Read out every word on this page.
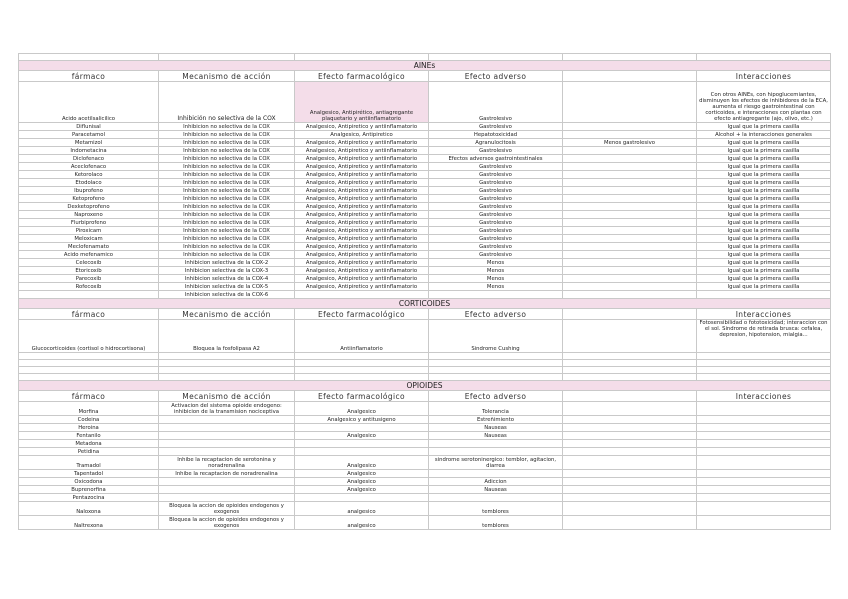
AINEs					
fármaco	Mecanismo de acción	Efecto farmacológico	Efecto adverso		Interacciones
Acido acetilsalicilico	Inhibición no selectiva de la COX	Analgesico, Antipirético, antiagregante plaquetario y antiinflamatorio	Gastrolesivo		Con otros AINEs, con hipoglucemiantes, disminuyen los efectos de inhibidores de la ECA, aumenta el riesgo gastrointestinal con corticoides, e interacciones con plantas con efecto antiagregante (ajo, olivo, etc.)
Diflunisal	Inhibicion no selectiva de la COX	Analgesico, Antipiretico y antiinflamatorio	Gastrolesivo		Igual que la primera casilla
Paracetamol	Inhibicion no selectiva de la COX	Analgesico, Antipiretico	Hepatotoxicidad		Alcohol + la interacciones generales
Metamizol	Inhibicion no selectiva de la COX	Analgesico, Antipiretico y antiinflamatorio	Agranulocitosis	Menos gastrolesivo	Igual que la primera casilla
Indometacina	Inhibicion no selectiva de la COX	Analgesico, Antipiretico y antiinflamatorio	Gastrolesivo		Igual que la primera casilla
Diclofenaco	Inhibicion no selectiva de la COX	Analgesico, Antipiretico y antiinflamatorio	Efectos adversos gastrointestinales		Igual que la primera casilla
Aceclofenaco	Inhibicion no selectiva de la COX	Analgesico, Antipiretico y antiinflamatorio	Gastrolesivo		Igual que la primera casilla
Ketorolaco	Inhibicion no selectiva de la COX	Analgesico, Antipiretico y antiinflamatorio	Gastrolesivo		Igual que la primera casilla
Etodolaco	Inhibicion no selectiva de la COX	Analgesico, Antipiretico y antiinflamatorio	Gastrolesivo		Igual que la primera casilla
Ibuprofeno	Inhibicion no selectiva de la COX	Analgesico, Antipiretico y antiinflamatorio	Gastrolesivo		Igual que la primera casilla
Ketoprofeno	Inhibicion no selectiva de la COX	Analgesico, Antipiretico y antiinflamatorio	Gastrolesivo		Igual que la primera casilla
Dexketoprofeno	Inhibicion no selectiva de la COX	Analgesico, Antipiretico y antiinflamatorio	Gastrolesivo		Igual que la primera casilla
Naproxeno	Inhibicion no selectiva de la COX	Analgesico, Antipiretico y antiinflamatorio	Gastrolesivo		Igual que la primera casilla
Flurbiprofeno	Inhibicion no selectiva de la COX	Analgesico, Antipiretico y antiinflamatorio	Gastrolesivo		Igual que la primera casilla
Piroxicam	Inhibicion no selectiva de la COX	Analgesico, Antipiretico y antiinflamatorio	Gastrolesivo		Igual que la primera casilla
Meloxicam	Inhibicion no selectiva de la COX	Analgesico, Antipiretico y antiinflamatorio	Gastrolesivo		Igual que la primera casilla
Meclofenamato	Inhibicion no selectiva de la COX	Analgesico, Antipiretico y antiinflamatorio	Gastrolesivo		Igual que la primera casilla
Acido mefenamico	Inhibicion no selectiva de la COX	Analgesico, Antipiretico y antiinflamatorio	Gastrolesivo		Igual que la primera casilla
Celecoxib	Inhibicion selectiva de la COX-2	Analgesico, Antipiretico y antiinflamatorio	Menos		Igual que la primera casilla
Etoricoxib	Inhibicion selectiva de la COX-3	Analgesico, Antipiretico y antiinflamatorio	Menos		Igual que la primera casilla
Parecoxib	Inhibicion selectiva de la COX-4	Analgesico, Antipiretico y antiinflamatorio	Menos		Igual que la primera casilla
Rofecoxib	Inhibicion selectiva de la COX-5	Analgesico, Antipiretico y antiinflamatorio	Menos		Igual que la primera casilla
	Inhibicion selectiva de la COX-6				
CORTICOIDES					
fármaco	Mecanismo de acción	Efecto farmacológico	Efecto adverso		Interacciones
Glucocorticoides (cortisol o hidrocortisona)	Bloquea la fosfolipasa A2	Antiinflamatorio	Sindrome Cushing		Fotosensibilidad o fototoxicidad; interaccion con el sol. Sindrome de retirada brusca: cefalea, depresion, hipotension, mialgia...

OPIOIDES					
fármaco	Mecanismo de acción	Efecto farmacológico	Efecto adverso		Interacciones
Morfina	Activacion del sistema opioide endogeno: inhibicion de la transmision nociceptiva	Analgesico	Tolerancia		
Codeina		Analgesico y antitusigeno	Estreñimiento		
Heroina			Nauseas		
Fentanilo		Analgesico	Nauseas		
Metadona					
Petidina					
Tramadol	Inhibe la recaptacion de serotonina y noradrenalina	Analgesico	sindrome serotoninergico: temblor, agitacion, diarrea		
Tapentadol	Inhibe la recaptacion de noradrenalina	Analgesico			
Oxicodona		Analgesico	Adiccion		
Buprenorfina		Analgesico	Nauseas		
Pentazocina					
Naloxona	Bloquea la accion de opioides endogenos y exogenos	analgesico	temblores		
Naltrexona	Bloquea la accion de opioides endogenos y exogenos	analgesico	temblores		
